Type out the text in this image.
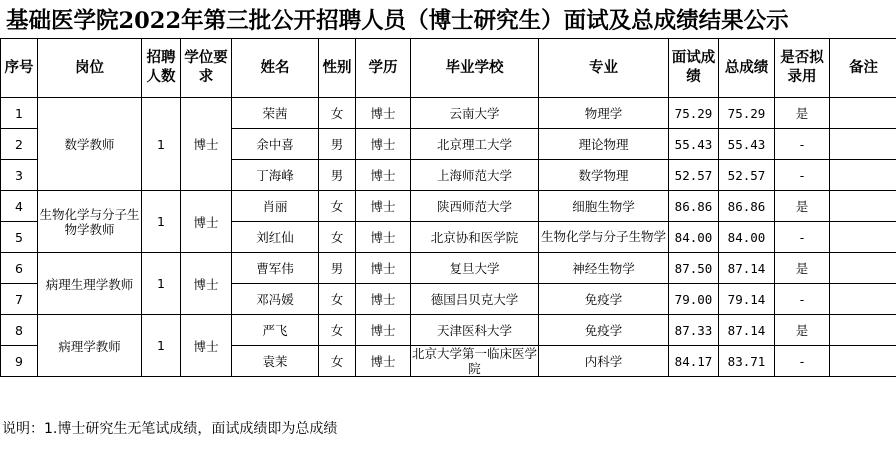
基础医学院2022年第三批公开招聘人员（博士研究生）面试及总成绩结果公示
序号	岗位	招聘人数	学位要求	姓名	性别	学历	毕业学校	专业	面试成绩	总成绩	是否拟录用	备注
1	数学教师	1	博士	荣茜	女	博士	云南大学	物理学	75.29	75.29	是	
2				余中喜	男	博士	北京理工大学	理论物理	55.43	55.43	-	
3				丁海峰	男	博士	上海师范大学	数学物理	52.57	52.57	-	
4	生物化学与分子生物学教师	1	博士	肖丽	女	博士	陕西师范大学	细胞生物学	86.86	86.86	是	
5				刘红仙	女	博士	北京协和医学院	生物化学与分子生物学	84.00	84.00	-	
6	病理生理学教师	1	博士	曹军伟	男	博士	复旦大学	神经生物学	87.50	87.14	是	
7				邓冯媛	女	博士	德国吕贝克大学	免疫学	79.00	79.14	-	
8	病理学教师	1	博士	严飞	女	博士	天津医科大学	免疫学	87.33	87.14	是	
9				袁茉	女	博士	北京大学第一临床医学院	内科学	84.17	83.71	-	
说明：1.博士研究生无笔试成绩，面试成绩即为总成绩
